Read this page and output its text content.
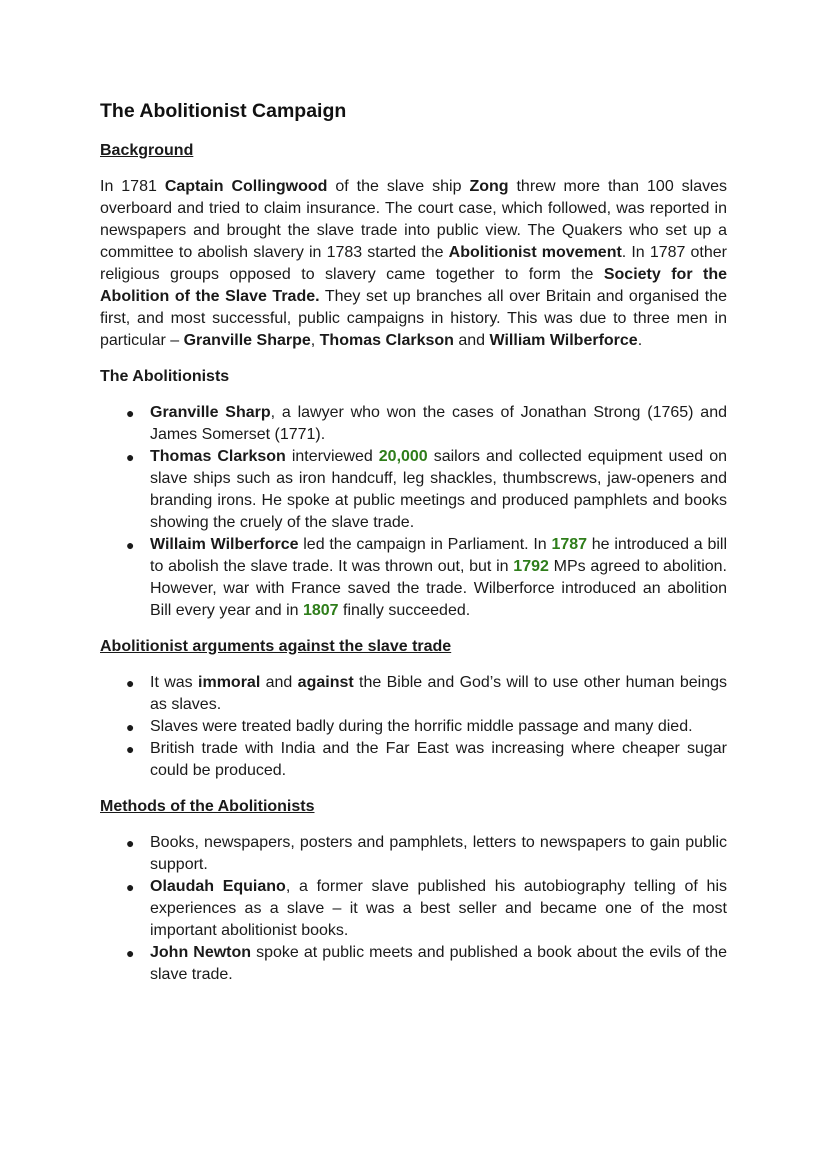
The Abolitionist Campaign
Background

In 1781 Captain Collingwood of the slave ship Zong threw more than 100 slaves overboard and tried to claim insurance. The court case, which followed, was reported in newspapers and brought the slave trade into public view. The Quakers who set up a committee to abolish slavery in 1783 started the Abolitionist movement. In 1787 other religious groups opposed to slavery came together to form the Society for the Abolition of the Slave Trade. They set up branches all over Britain and organised the first, and most successful, public campaigns in history. This was due to three men in particular – Granville Sharpe, Thomas Clarkson and William Wilberforce.

The Abolitionists
● Granville Sharp, a lawyer who won the cases of Jonathan Strong (1765) and James Somerset (1771).
● Thomas Clarkson interviewed 20,000 sailors and collected equipment used on slave ships such as iron handcuff, leg shackles, thumbscrews, jaw-openers and branding irons. He spoke at public meetings and produced pamphlets and books showing the cruely of the slave trade.
● Willaim Wilberforce led the campaign in Parliament. In 1787 he introduced a bill to abolish the slave trade. It was thrown out, but in 1792 MPs agreed to abolition. However, war with France saved the trade. Wilberforce introduced an abolition Bill every year and in 1807 finally succeeded.
Abolitionist arguments against the slave trade
● It was immoral and against the Bible and God’s will to use other human beings as slaves.
● Slaves were treated badly during the horrific middle passage and many died.
● British trade with India and the Far East was increasing where cheaper sugar could be produced.
Methods of the Abolitionists
● Books, newspapers, posters and pamphlets, letters to newspapers to gain public support.
● Olaudah Equiano, a former slave published his autobiography telling of his experiences as a slave – it was a best seller and became one of the most important abolitionist books.
● John Newton spoke at public meets and published a book about the evils of the slave trade.
